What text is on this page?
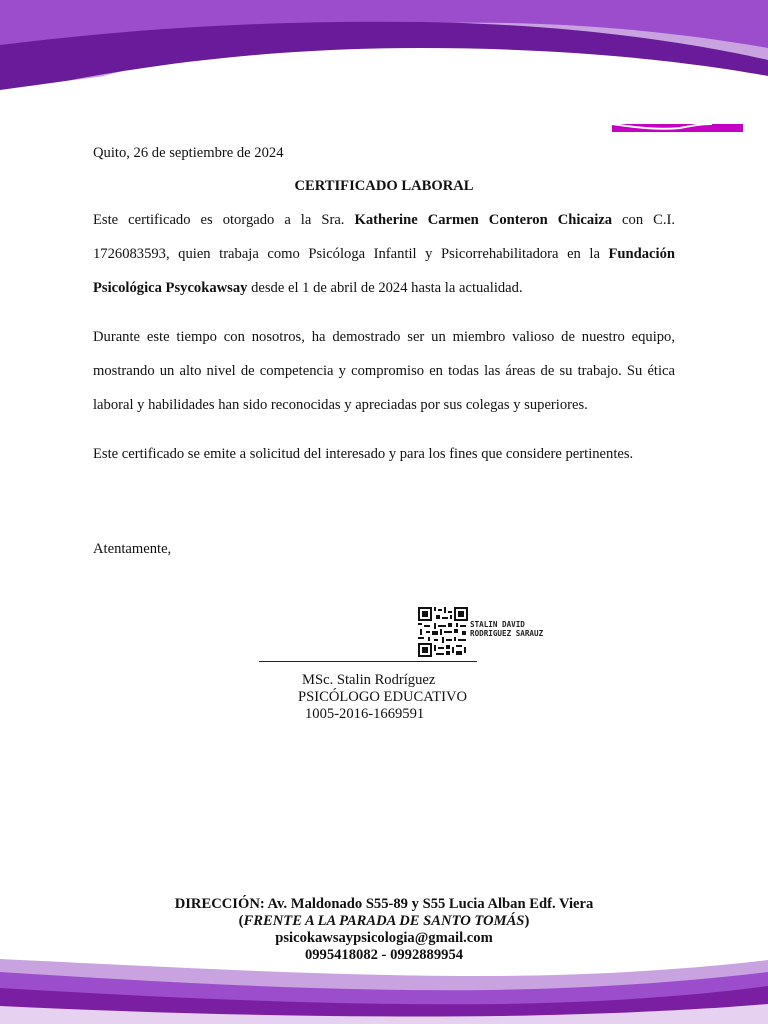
Quito, 26 de septiembre de 2024
CERTIFICADO LABORAL
Este certificado es otorgado a la Sra. Katherine Carmen Conteron Chicaiza con C.I. 1726083593, quien trabaja como Psicóloga Infantil y Psicorrehabilitadora en la Fundación Psicológica Psycokawsay desde el 1 de abril de 2024 hasta la actualidad.
Durante este tiempo con nosotros, ha demostrado ser un miembro valioso de nuestro equipo, mostrando un alto nivel de competencia y compromiso en todas las áreas de su trabajo. Su ética laboral y habilidades han sido reconocidas y apreciadas por sus colegas y superiores.
Este certificado se emite a solicitud del interesado y para los fines que considere pertinentes.
Atentamente,
STALIN DAVID
RODRIGUEZ SARAUZ
MSc. Stalin Rodríguez
PSICÓLOGO EDUCATIVO
1005-2016-1669591
DIRECCIÓN: Av. Maldonado S55-89 y S55 Lucia Alban Edf. Viera
(FRENTE A LA PARADA DE SANTO TOMÁS)
psicokawsaypsicologia@gmail.com
0995418082 - 0992889954
